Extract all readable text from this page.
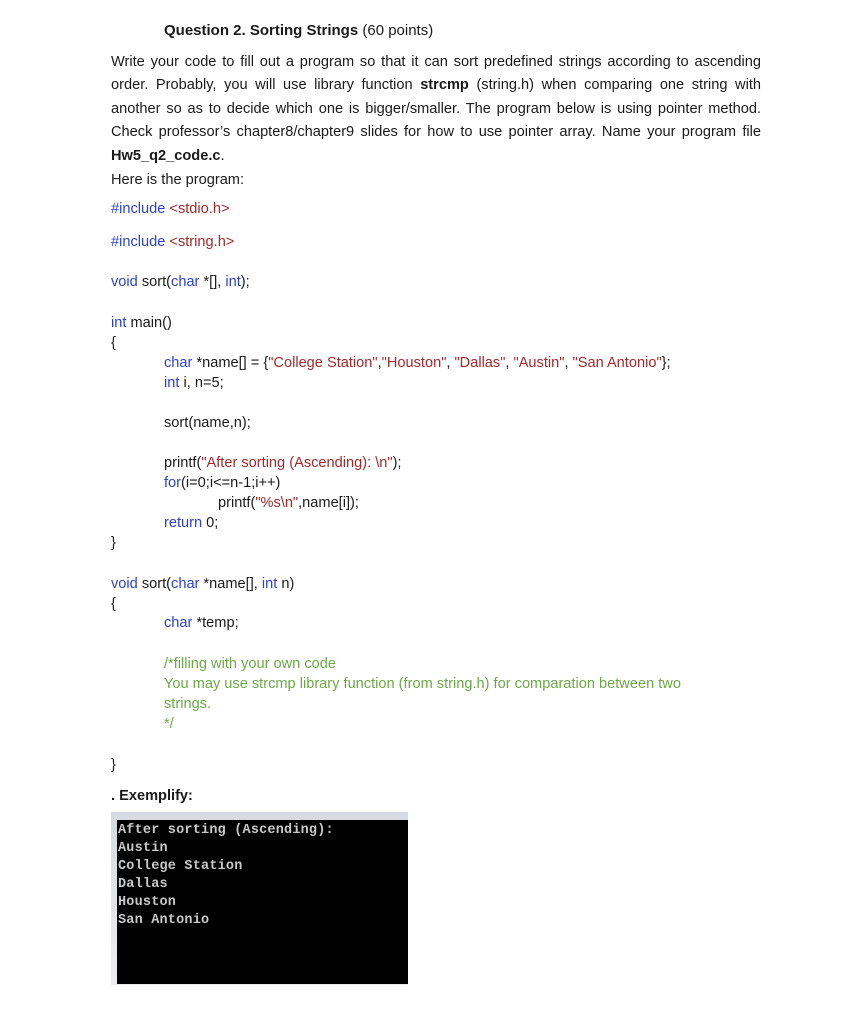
Question 2. Sorting Strings (60 points)
Write your code to fill out a program so that it can sort predefined strings according to ascending order. Probably, you will use library function strcmp (string.h) when comparing one string with another so as to decide which one is bigger/smaller. The program below is using pointer method. Check professor’s chapter8/chapter9 slides for how to use pointer array. Name your program file Hw5_q2_code.c.
Here is the program:
#include <stdio.h>
#include <string.h>
void sort(char *[], int);
int main()
{
char *name[] = {"College Station","Houston", "Dallas", "Austin", "San Antonio"};
int i, n=5;
sort(name,n);
printf("After sorting (Ascending): \n");
for(i=0;i<=n-1;i++)
printf("%s\n",name[i]);
return 0;
}
void sort(char *name[], int n)
{
char *temp;
/*filling with your own code
You may use strcmp library function (from string.h) for comparation between two
strings.
*/
}
. Exemplify:
After sorting (Ascending):
Austin
College Station
Dallas
Houston
San Antonio
